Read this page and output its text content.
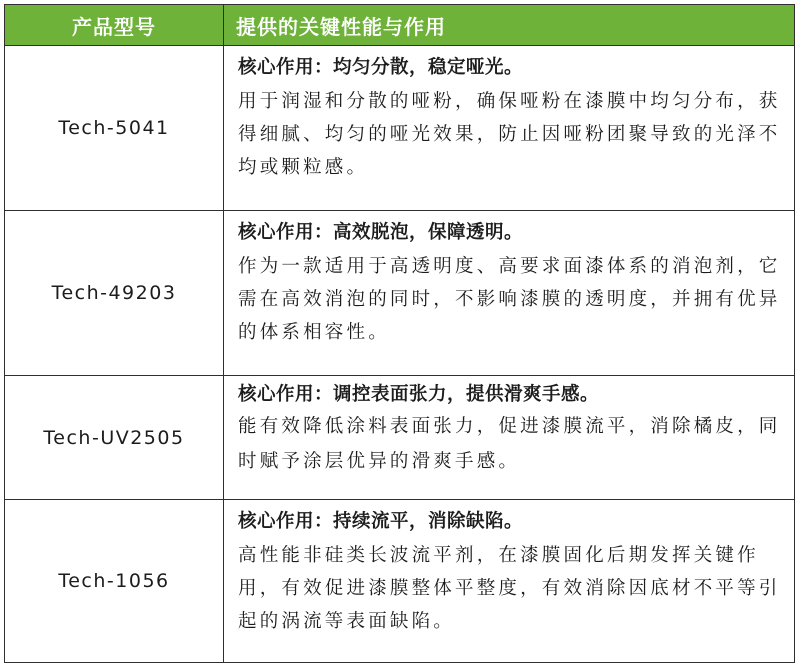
产品型号	提供的关键性能与作用
Tech-5041
核心作用：均匀分散，稳定哑光。
用于润湿和分散的哑粉，确保哑粉在漆膜中均匀分布，获得细腻、均匀的哑光效果，防止因哑粉团聚导致的光泽不均或颗粒感。
Tech-49203
核心作用：高效脱泡，保障透明。
作为一款适用于高透明度、高要求面漆体系的消泡剂，它需在高效消泡的同时，不影响漆膜的透明度，并拥有优异的体系相容性。
Tech-UV2505
核心作用：调控表面张力，提供滑爽手感。
能有效降低涂料表面张力，促进漆膜流平，消除橘皮，同时赋予涂层优异的滑爽手感。
Tech-1056
核心作用：持续流平，消除缺陷。
高性能非硅类长波流平剂，在漆膜固化后期发挥关键作用，有效促进漆膜整体平整度，有效消除因底材不平等引起的涡流等表面缺陷。
